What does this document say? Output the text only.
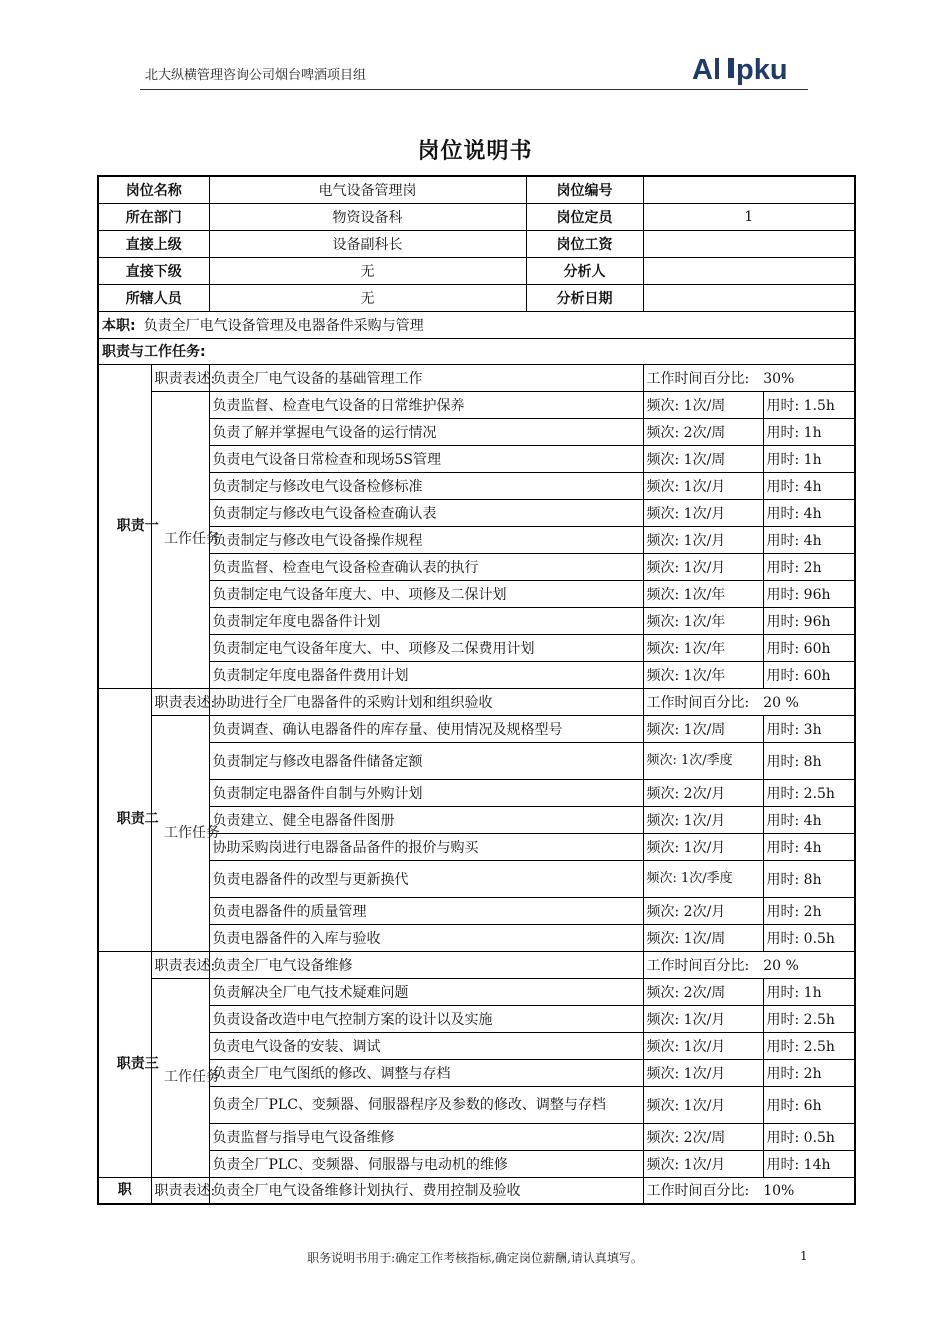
北大纵横管理咨询公司烟台啤酒项目组	Al pku
岗位说明书
岗位名称		电气设备管理岗	岗位编号		
所在部门		物资设备科	岗位定员	1	
直接上级		设备副科长	岗位工资		
直接下级		无	分析人		
所辖人员		无	分析日期		
本职: 负责全厂电气设备管理及电器备件采购与管理					
职责与工作任务:					

职责一	职责表述:	负责全厂电气设备的基础管理工作		工作时间百分比: 30%	
	工作任务	负责监督、检查电气设备的日常维护保养		频次: 1次/周	用时: 1.5h
		负责了解并掌握电气设备的运行情况		频次: 2次/周	用时: 1h
		负责电气设备日常检查和现场5S管理		频次: 1次/周	用时: 1h
		负责制定与修改电气设备检修标准		频次: 1次/月	用时: 4h
		负责制定与修改电气设备检查确认表		频次: 1次/月	用时: 4h
		负责制定与修改电气设备操作规程		频次: 1次/月	用时: 4h
		负责监督、检查电气设备检查确认表的执行		频次: 1次/月	用时: 2h
		负责制定电气设备年度大、中、项修及二保计划		频次: 1次/年	用时: 96h
		负责制定年度电器备件计划		频次: 1次/年	用时: 96h
		负责制定电气设备年度大、中、项修及二保费用计划		频次: 1次/年	用时: 60h
		负责制定年度电器备件费用计划		频次: 1次/年	用时: 60h

职责二	职责表述:	协助进行全厂电器备件的采购计划和组织验收		工作时间百分比: 20 %	
	工作任务	负责调查、确认电器备件的库存量、使用情况及规格型号		频次: 1次/周	用时: 3h
		负责制定与修改电器备件储备定额		频次: 1次/季度	用时: 8h
		负责制定电器备件自制与外购计划		频次: 2次/月	用时: 2.5h
		负责建立、健全电器备件图册		频次: 1次/月	用时: 4h
		协助采购岗进行电器备品备件的报价与购买		频次: 1次/月	用时: 4h
		负责电器备件的改型与更新换代		频次: 1次/季度	用时: 8h
		负责电器备件的质量管理		频次: 2次/月	用时: 2h
		负责电器备件的入库与验收		频次: 1次/周	用时: 0.5h

职责三	职责表述:	负责全厂电气设备维修		工作时间百分比: 20 %	
	工作任务	负责解决全厂电气技术疑难问题		频次: 2次/周	用时: 1h
		负责设备改造中电气控制方案的设计以及实施		频次: 1次/月	用时: 2.5h
		负责电气设备的安装、调试		频次: 1次/月	用时: 2.5h
		负责全厂电气图纸的修改、调整与存档		频次: 1次/月	用时: 2h
		负责全厂PLC、变频器、伺服器程序及参数的修改、调整与存档		频次: 1次/月	用时: 6h
		负责监督与指导电气设备维修		频次: 2次/周	用时: 0.5h
		负责全厂PLC、变频器、伺服器与电动机的维修		频次: 1次/月	用时: 14h
职	职责表述:	负责全厂电气设备维修计划执行、费用控制及验收		工作时间百分比: 10%	
职务说明书用于:确定工作考核指标,确定岗位薪酬,请认真填写。	1
